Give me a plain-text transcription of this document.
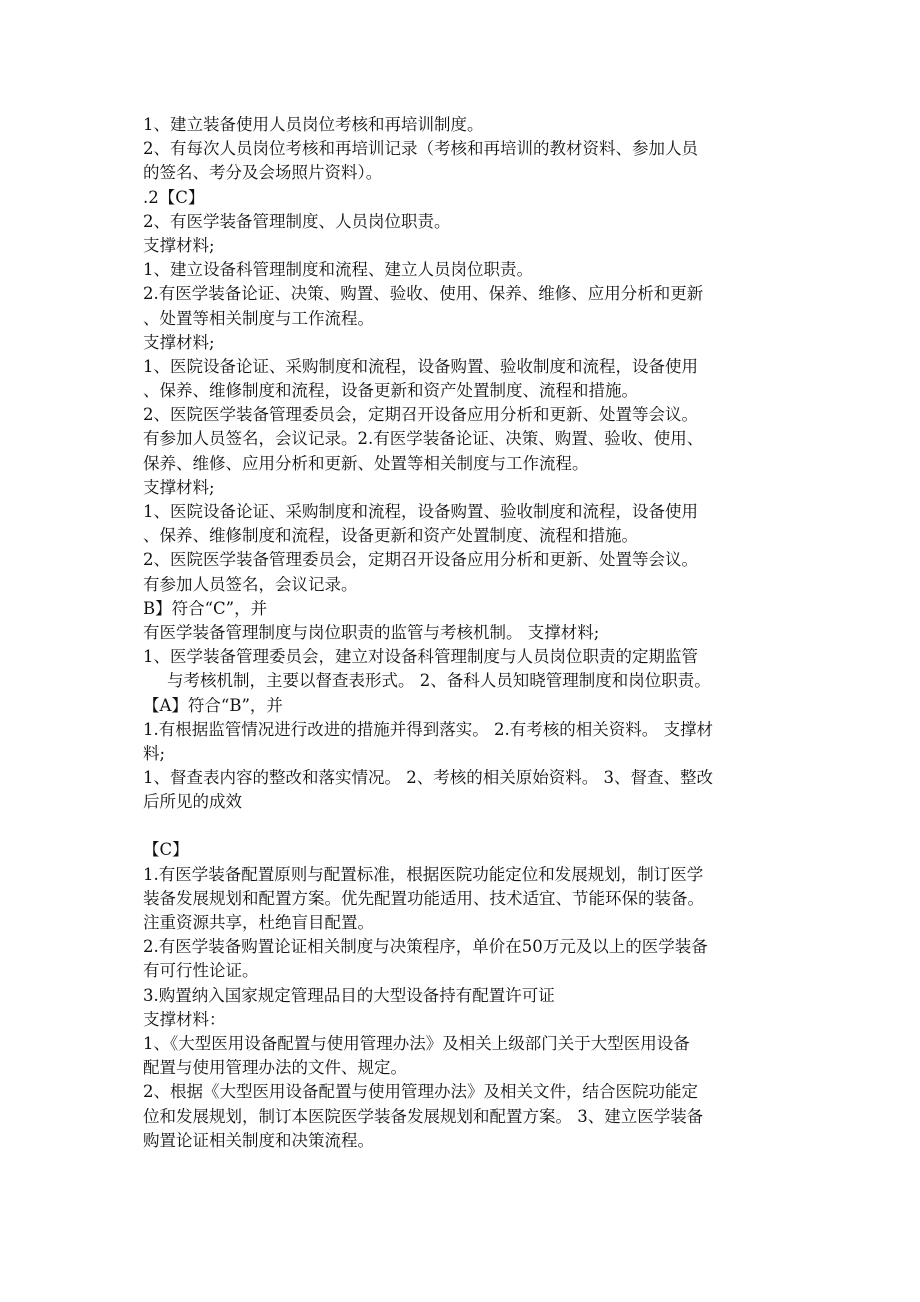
1、建立装备使用人员岗位考核和再培训制度。
2、有每次人员岗位考核和再培训记录（考核和再培训的教材资料、参加人员
的签名、考分及会场照片资料）。
.2【C】
2、有医学装备管理制度、人员岗位职责。
支撑材料;
1、建立设备科管理制度和流程、建立人员岗位职责。
2.有医学装备论证、决策、购置、验收、使用、保养、维修、应用分析和更新
、处置等相关制度与工作流程。
支撑材料;
1、医院设备论证、采购制度和流程，设备购置、验收制度和流程，设备使用
、保养、维修制度和流程，设备更新和资产处置制度、流程和措施。
2、医院医学装备管理委员会，定期召开设备应用分析和更新、处置等会议。
有参加人员签名，会议记录。2.有医学装备论证、决策、购置、验收、使用、
保养、维修、应用分析和更新、处置等相关制度与工作流程。
支撑材料;
1、医院设备论证、采购制度和流程，设备购置、验收制度和流程，设备使用
、保养、维修制度和流程，设备更新和资产处置制度、流程和措施。
2、医院医学装备管理委员会，定期召开设备应用分析和更新、处置等会议。
有参加人员签名，会议记录。
B】符合“C”，并
有医学装备管理制度与岗位职责的监管与考核机制。 支撑材料;
1、医学装备管理委员会，建立对设备科管理制度与人员岗位职责的定期监管
与考核机制，主要以督查表形式。 2、备科人员知晓管理制度和岗位职责。
【A】符合“B”，并
1.有根据监管情况进行改进的措施并得到落实。 2.有考核的相关资料。 支撑材
料;
1、督查表内容的整改和落实情况。 2、考核的相关原始资料。 3、督查、整改
后所见的成效
【C】
1.有医学装备配置原则与配置标准，根据医院功能定位和发展规划，制订医学
装备发展规划和配置方案。优先配置功能适用、技术适宜、节能环保的装备。
注重资源共享，杜绝盲目配置。
2.有医学装备购置论证相关制度与决策程序，单价在50万元及以上的医学装备
有可行性论证。
3.购置纳入国家规定管理品目的大型设备持有配置许可证
支撑材料：
1、《大型医用设备配置与使用管理办法》及相关上级部门关于大型医用设备
配置与使用管理办法的文件、规定。
2、根据《大型医用设备配置与使用管理办法》及相关文件，结合医院功能定
位和发展规划，制订本医院医学装备发展规划和配置方案。 3、建立医学装备
购置论证相关制度和决策流程。
